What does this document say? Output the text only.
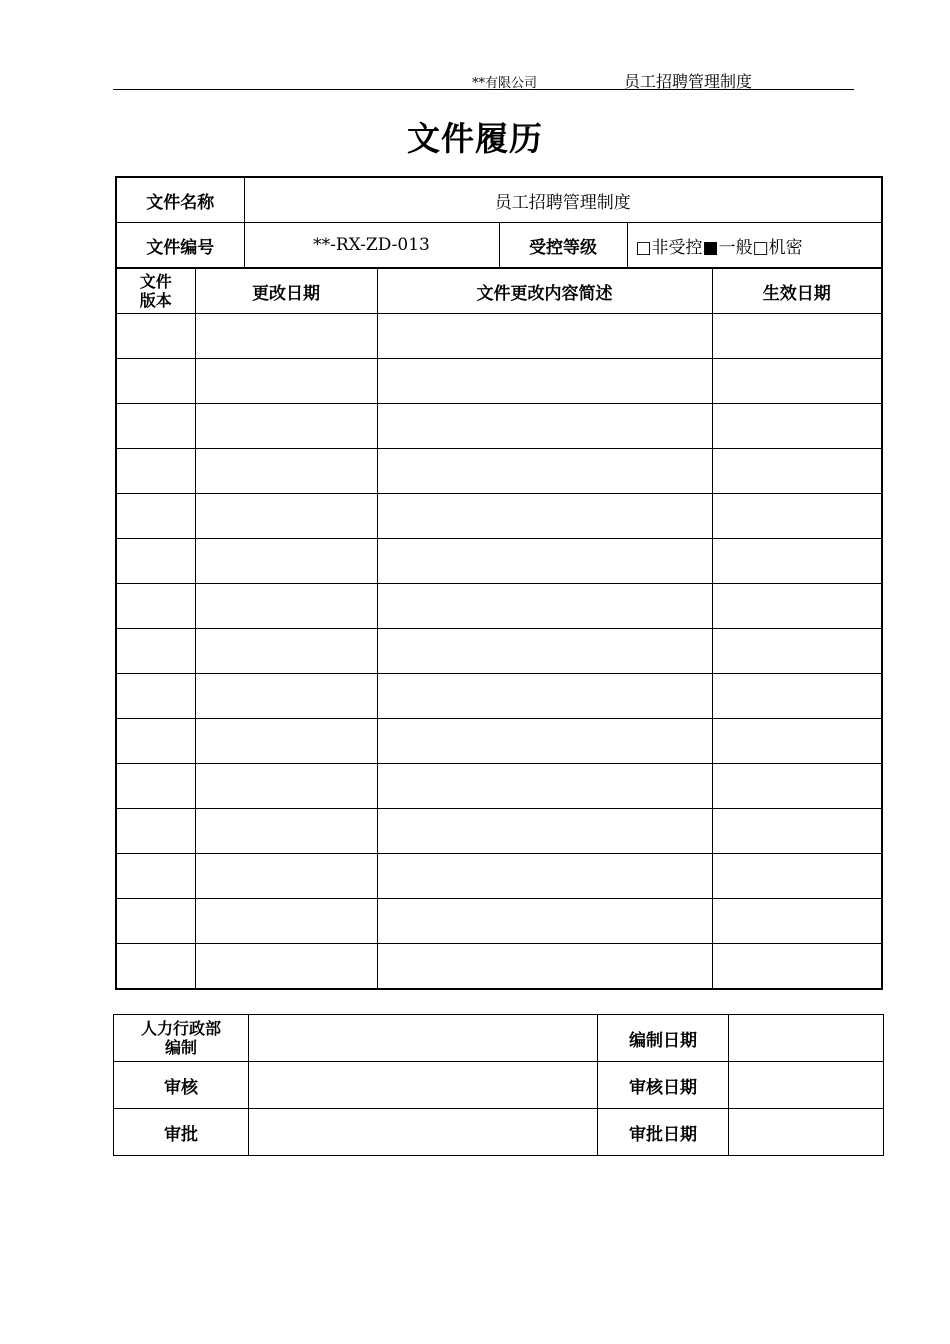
**有限公司	员工招聘管理制度
文件履历
文件名称	员工招聘管理制度		
文件编号	**-RX-ZD-013	受控等级	□非受控■一般□机密
文件
版本	更改日期	文件更改内容简述	生效日期

人力行政部
编制		编制日期	
审核		审核日期	
审批		审批日期	
